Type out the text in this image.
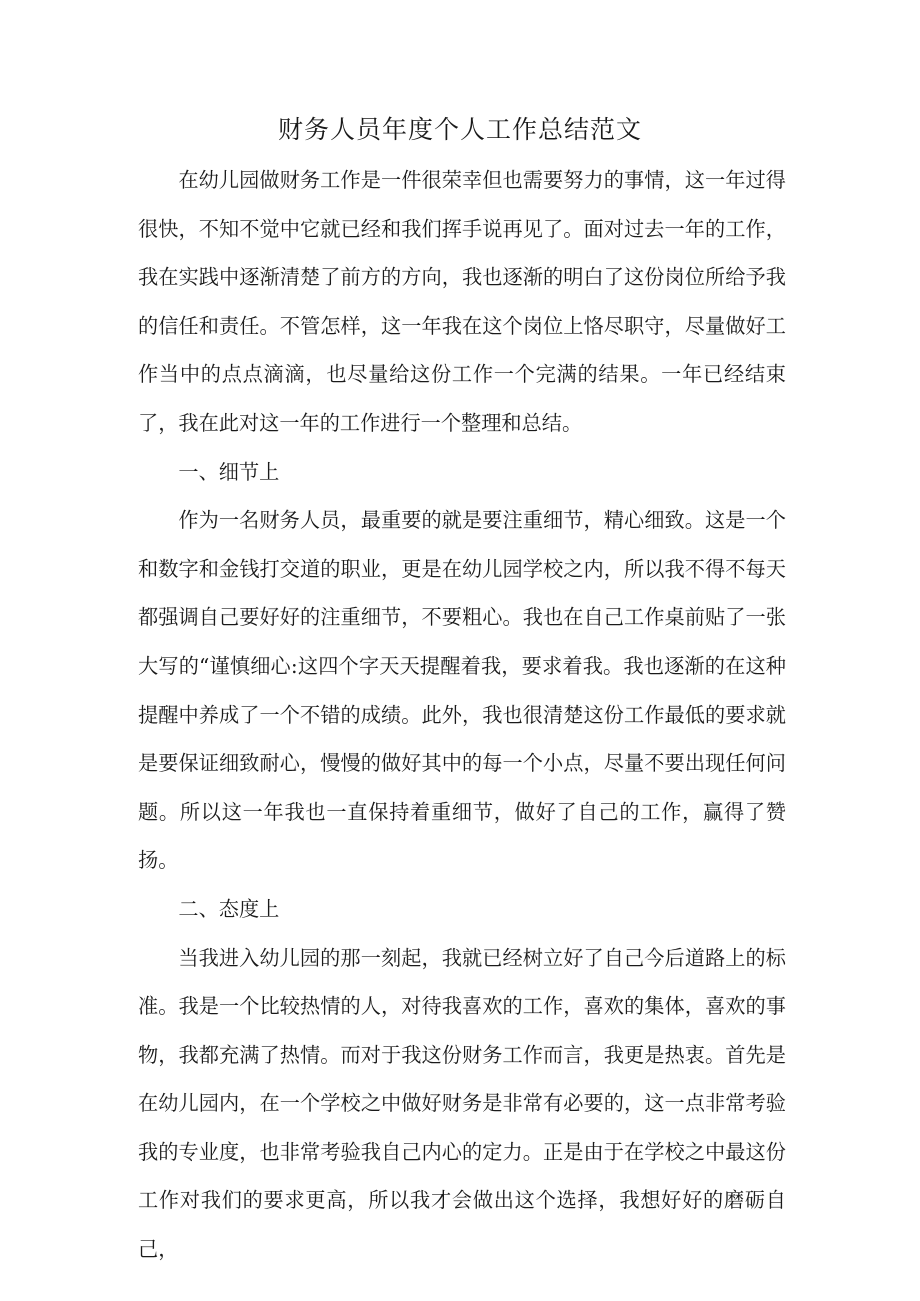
财务人员年度个人工作总结范文

在幼儿园做财务工作是一件很荣幸但也需要努力的事情，这一年过得很快，不知不觉中它就已经和我们挥手说再见了。面对过去一年的工作，我在实践中逐渐清楚了前方的方向，我也逐渐的明白了这份岗位所给予我的信任和责任。不管怎样，这一年我在这个岗位上恪尽职守，尽量做好工作当中的点点滴滴，也尽量给这份工作一个完满的结果。一年已经结束了，我在此对这一年的工作进行一个整理和总结。

一、细节上

作为一名财务人员，最重要的就是要注重细节，精心细致。这是一个和数字和金钱打交道的职业，更是在幼儿园学校之内，所以我不得不每天都强调自己要好好的注重细节，不要粗心。我也在自己工作桌前贴了一张大写的“谨慎细心:这四个字天天提醒着我，要求着我。我也逐渐的在这种提醒中养成了一个不错的成绩。此外，我也很清楚这份工作最低的要求就是要保证细致耐心，慢慢的做好其中的每一个小点，尽量不要出现任何问题。所以这一年我也一直保持着重细节，做好了自己的工作，赢得了赞扬。

二、态度上

当我进入幼儿园的那一刻起，我就已经树立好了自己今后道路上的标准。我是一个比较热情的人，对待我喜欢的工作，喜欢的集体，喜欢的事物，我都充满了热情。而对于我这份财务工作而言，我更是热衷。首先是在幼儿园内，在一个学校之中做好财务是非常有必要的，这一点非常考验我的专业度，也非常考验我自己内心的定力。正是由于在学校之中最这份工作对我们的要求更高，所以我才会做出这个选择，我想好好的磨砺自己，
